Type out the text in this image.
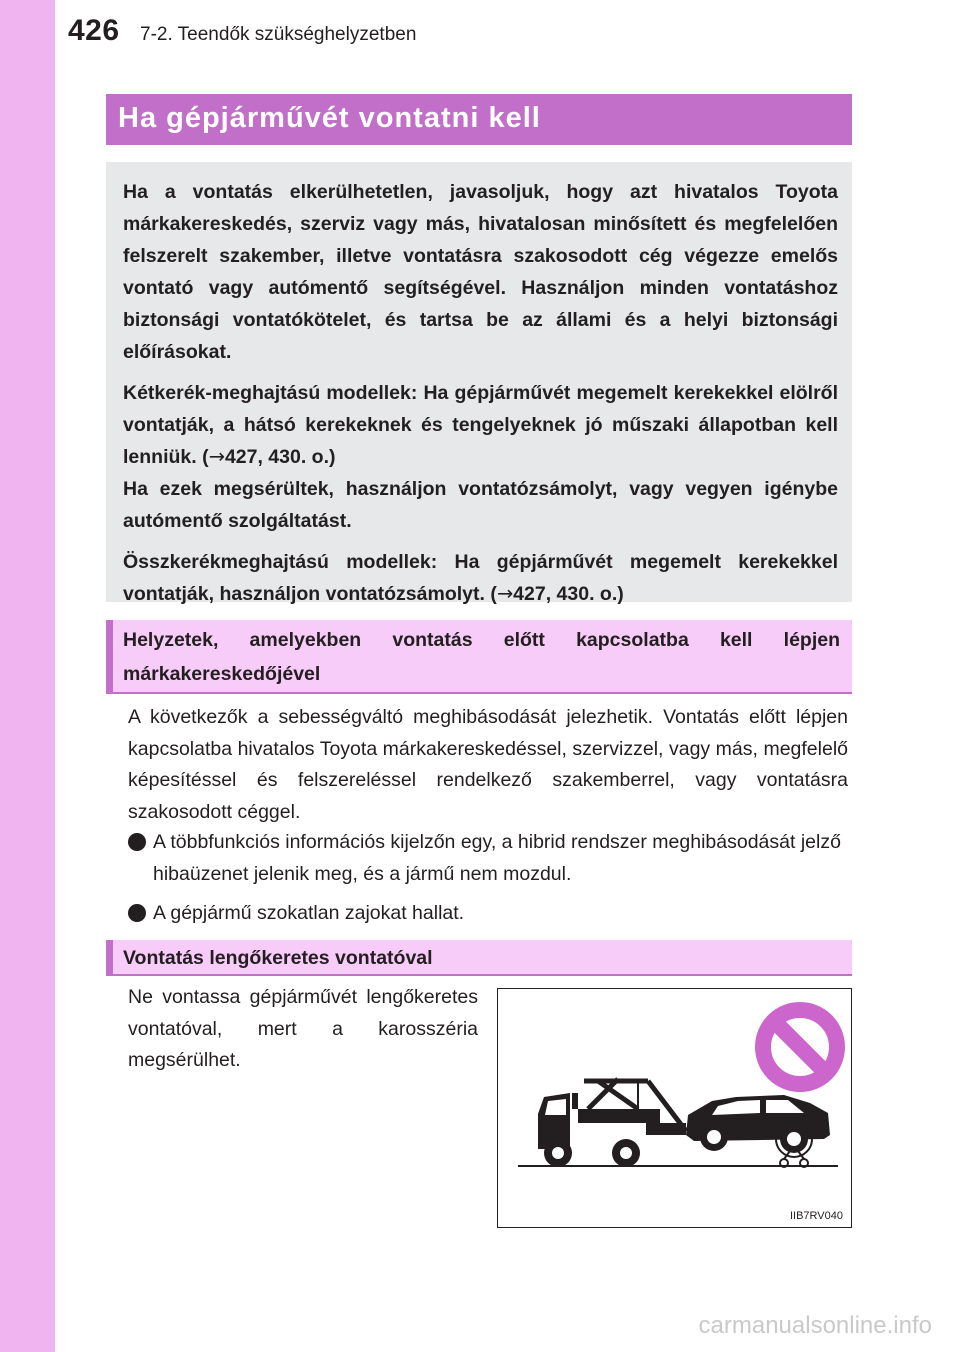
426 7-2. Teendők szükséghelyzetben
Ha gépjárművét vontatni kell

Ha a vontatás elkerülhetetlen, javasoljuk, hogy azt hivatalos Toyota márkakereskedés, szerviz vagy más, hivatalosan minősített és megfelelően felszerelt szakember, illetve vontatásra szakosodott cég végezze emelős vontató vagy autómentő segítségével. Használjon minden vontatáshoz biztonsági vontatókötelet, és tartsa be az állami és a helyi biztonsági előírásokat.

Kétkerék-meghajtású modellek: Ha gépjárművét megemelt kerekekkel elölről vontatják, a hátsó kerekeknek és tengelyeknek jó műszaki állapotban kell lenniük. (→427, 430. o.)
Ha ezek megsérültek, használjon vontatózsámolyt, vagy vegyen igénybe autómentő szolgáltatást.

Összkerékmeghajtású modellek: Ha gépjárművét megemelt kerekekkel vontatják, használjon vontatózsámolyt. (→427, 430. o.)

Helyzetek, amelyekben vontatás előtt kapcsolatba kell lépjen márkakereskedőjével
A következők a sebességváltó meghibásodását jelezhetik. Vontatás előtt lépjen kapcsolatba hivatalos Toyota márkakereskedéssel, szervizzel, vagy más, megfelelő képesítéssel és felszereléssel rendelkező szakemberrel, vagy vontatásra szakosodott céggel.
A többfunkciós információs kijelzőn egy, a hibrid rendszer meghibásodását jelző hibaüzenet jelenik meg, és a jármű nem mozdul.
A gépjármű szokatlan zajokat hallat.
Vontatás lengőkeretes vontatóval
Ne vontassa gépjárművét lengőkeretes vontatóval, mert a karosszéria megsérülhet.
IIB7RV040
carmanualsonline.info
